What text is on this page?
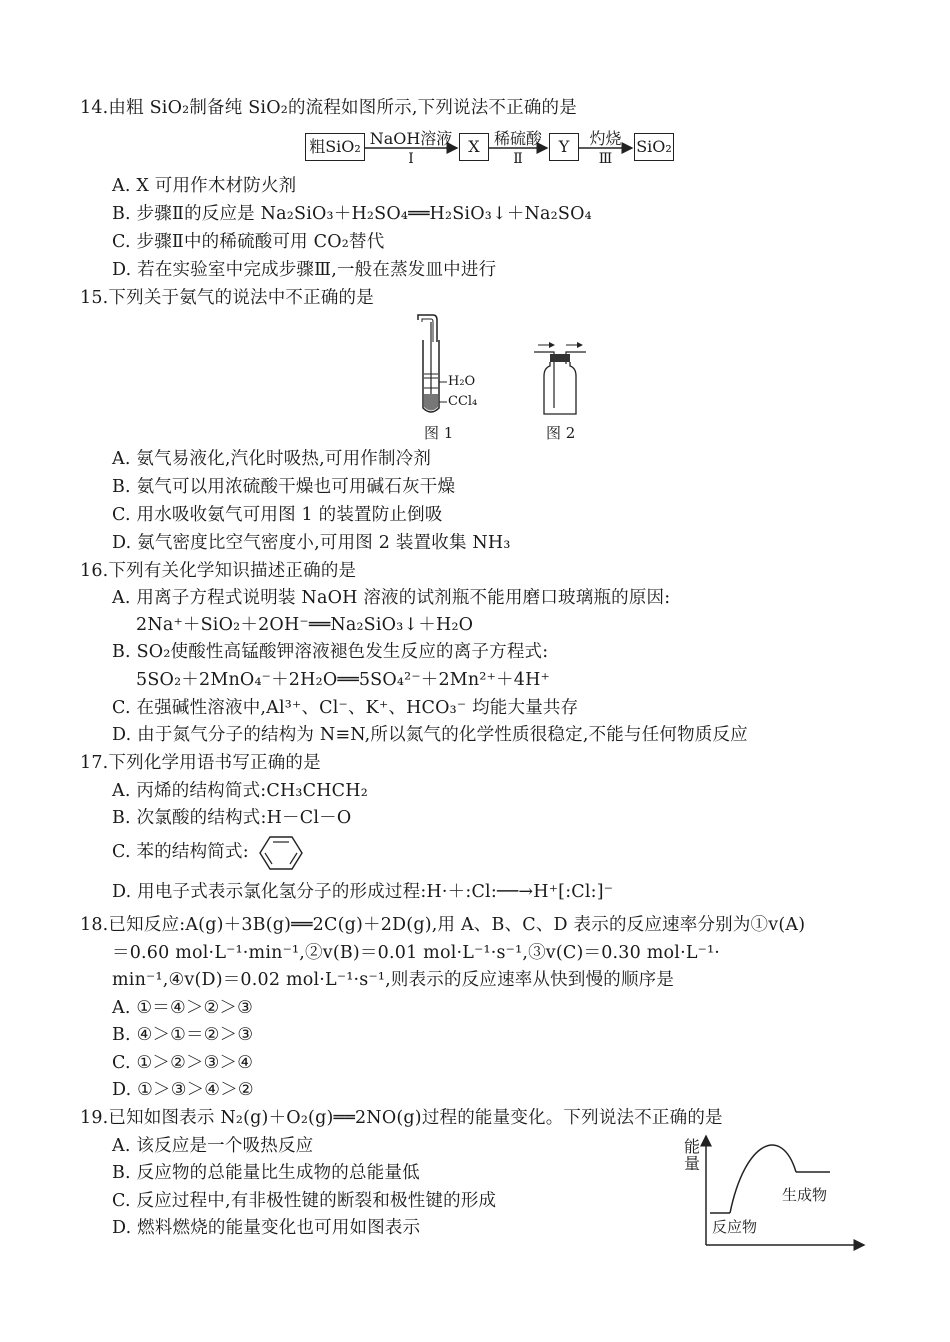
14.由粗 SiO₂制备纯 SiO₂的流程如图所示,下列说法不正确的是
粗SiO₂ NaOH溶液
Ⅰ
X 稀硫酸
Ⅱ
Y	灼烧
Ⅲ
SiO₂
A. X 可用作木材防火剂
B. 步骤Ⅱ的反应是 Na₂SiO₃＋H₂SO₄══H₂SiO₃↓＋Na₂SO₄
C. 步骤Ⅱ中的稀硫酸可用 CO₂替代
D. 若在实验室中完成步骤Ⅲ,一般在蒸发皿中进行
15.下列关于氨气的说法中不正确的是
H₂O
CCl₄
图 1	图 2
A. 氨气易液化,汽化时吸热,可用作制冷剂
B. 氨气可以用浓硫酸干燥也可用碱石灰干燥
C. 用水吸收氨气可用图 1 的装置防止倒吸
D. 氨气密度比空气密度小,可用图 2 装置收集 NH₃
16.下列有关化学知识描述正确的是
A. 用离子方程式说明装 NaOH 溶液的试剂瓶不能用磨口玻璃瓶的原因:
2Na⁺＋SiO₂＋2OH⁻══Na₂SiO₃↓＋H₂O
B. SO₂使酸性高锰酸钾溶液褪色发生反应的离子方程式:
5SO₂＋2MnO₄⁻＋2H₂O══5SO₄²⁻＋2Mn²⁺＋4H⁺
C. 在强碱性溶液中,Al³⁺、Cl⁻、K⁺、HCO₃⁻ 均能大量共存
D. 由于氮气分子的结构为 N≡N,所以氮气的化学性质很稳定,不能与任何物质反应
17.下列化学用语书写正确的是
A. 丙烯的结构简式:CH₃CHCH₂
B. 次氯酸的结构式:H－Cl－O
C. 苯的结构简式:
D. 用电子式表示氯化氢分子的形成过程:H·＋:Cl:──→H⁺[:Cl:]⁻
18.已知反应:A(g)＋3B(g)══2C(g)＋2D(g),用 A、B、C、D 表示的反应速率分别为①v(A)
＝0.60 mol·L⁻¹·min⁻¹,②v(B)＝0.01 mol·L⁻¹·s⁻¹,③v(C)＝0.30 mol·L⁻¹·
min⁻¹,④v(D)＝0.02 mol·L⁻¹·s⁻¹,则表示的反应速率从快到慢的顺序是
A. ①＝④＞②＞③
B. ④＞①＝②＞③
C. ①＞②＞③＞④
D. ①＞③＞④＞②
19.已知如图表示 N₂(g)＋O₂(g)══2NO(g)过程的能量变化。下列说法不正确的是
A. 该反应是一个吸热反应
B. 反应物的总能量比生成物的总能量低
C. 反应过程中,有非极性键的断裂和极性键的形成
D. 燃料燃烧的能量变化也可用如图表示
能
量
生成物
反应物
